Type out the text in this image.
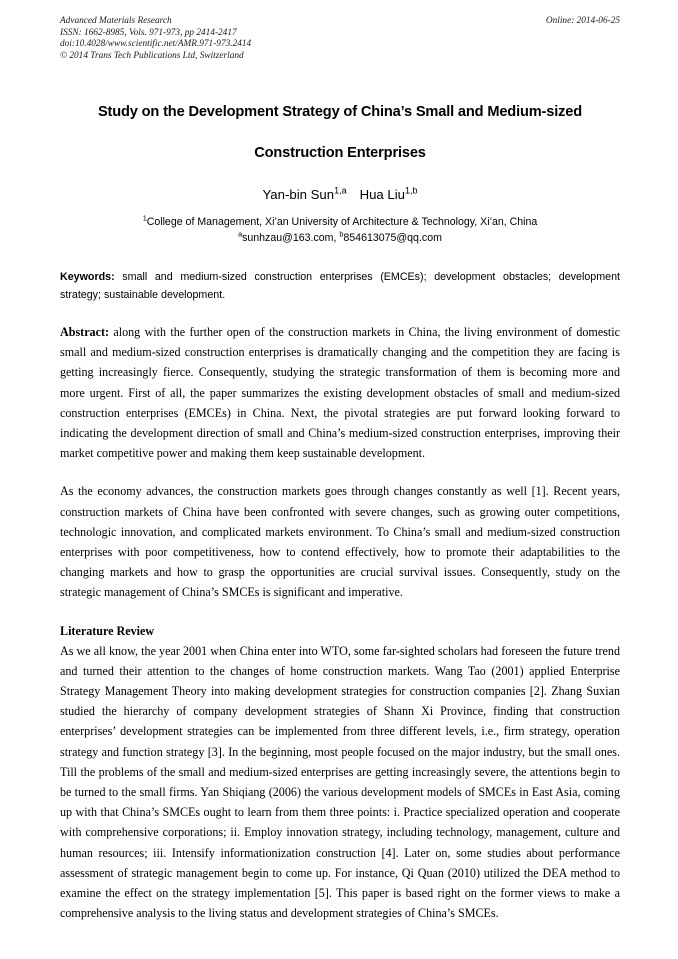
Advanced Materials Research
ISSN: 1662-8985, Vols. 971-973, pp 2414-2417
doi:10.4028/www.scientific.net/AMR.971-973.2414
© 2014 Trans Tech Publications Ltd, Switzerland
Online: 2014-06-25
Study on the Development Strategy of China’s Small and Medium-sized
Construction Enterprises
Yan-bin Sun$^{1,a}$ Hua Liu$^{1,b}$
$^1$College of Management, Xi’an University of Architecture & Technology, Xi’an, China
$^a$sunhzau@163.com, $^b$854613075@qq.com
Keywords: small and medium-sized construction enterprises (EMCEs); development obstacles; development strategy; sustainable development.
Abstract: along with the further open of the construction markets in China, the living environment of domestic small and medium-sized construction enterprises is dramatically changing and the competition they are facing is getting increasingly fierce. Consequently, studying the strategic transformation of them is becoming more and more urgent. First of all, the paper summarizes the existing development obstacles of small and medium-sized construction enterprises (EMCEs) in China. Next, the pivotal strategies are put forward looking forward to indicating the development direction of small and China’s medium-sized construction enterprises, improving their market competitive power and making them keep sustainable development.
As the economy advances, the construction markets goes through changes constantly as well [1]. Recent years, construction markets of China have been confronted with severe changes, such as growing outer competitions, technologic innovation, and complicated markets environment. To China’s small and medium-sized construction enterprises with poor competitiveness, how to contend effectively, how to promote their adaptabilities to the changing markets and how to grasp the opportunities are crucial survival issues. Consequently, study on the strategic management of China’s SMCEs is significant and imperative.
Literature Review
As we all know, the year 2001 when China enter into WTO, some far-sighted scholars had foreseen the future trend and turned their attention to the changes of home construction markets. Wang Tao (2001) applied Enterprise Strategy Management Theory into making development strategies for construction companies [2]. Zhang Suxian studied the hierarchy of company development strategies of Shann Xi Province, finding that construction enterprises’ development strategies can be implemented from three different levels, i.e., firm strategy, operation strategy and function strategy [3]. In the beginning, most people focused on the major industry, but the small ones. Till the problems of the small and medium-sized enterprises are getting increasingly severe, the attentions begin to be turned to the small firms. Yan Shiqiang (2006) the various development models of SMCEs in East Asia, coming up with that China’s SMCEs ought to learn from them three points: i. Practice specialized operation and cooperate with comprehensive corporations; ii. Employ innovation strategy, including technology, management, culture and human resources; iii. Intensify informationization construction [4]. Later on, some studies about performance assessment of strategic management begin to come up. For instance, Qi Quan (2010) utilized the DEA method to examine the effect on the strategy implementation [5]. This paper is based right on the former views to make a comprehensive analysis to the living status and development strategies of China’s SMCEs.
